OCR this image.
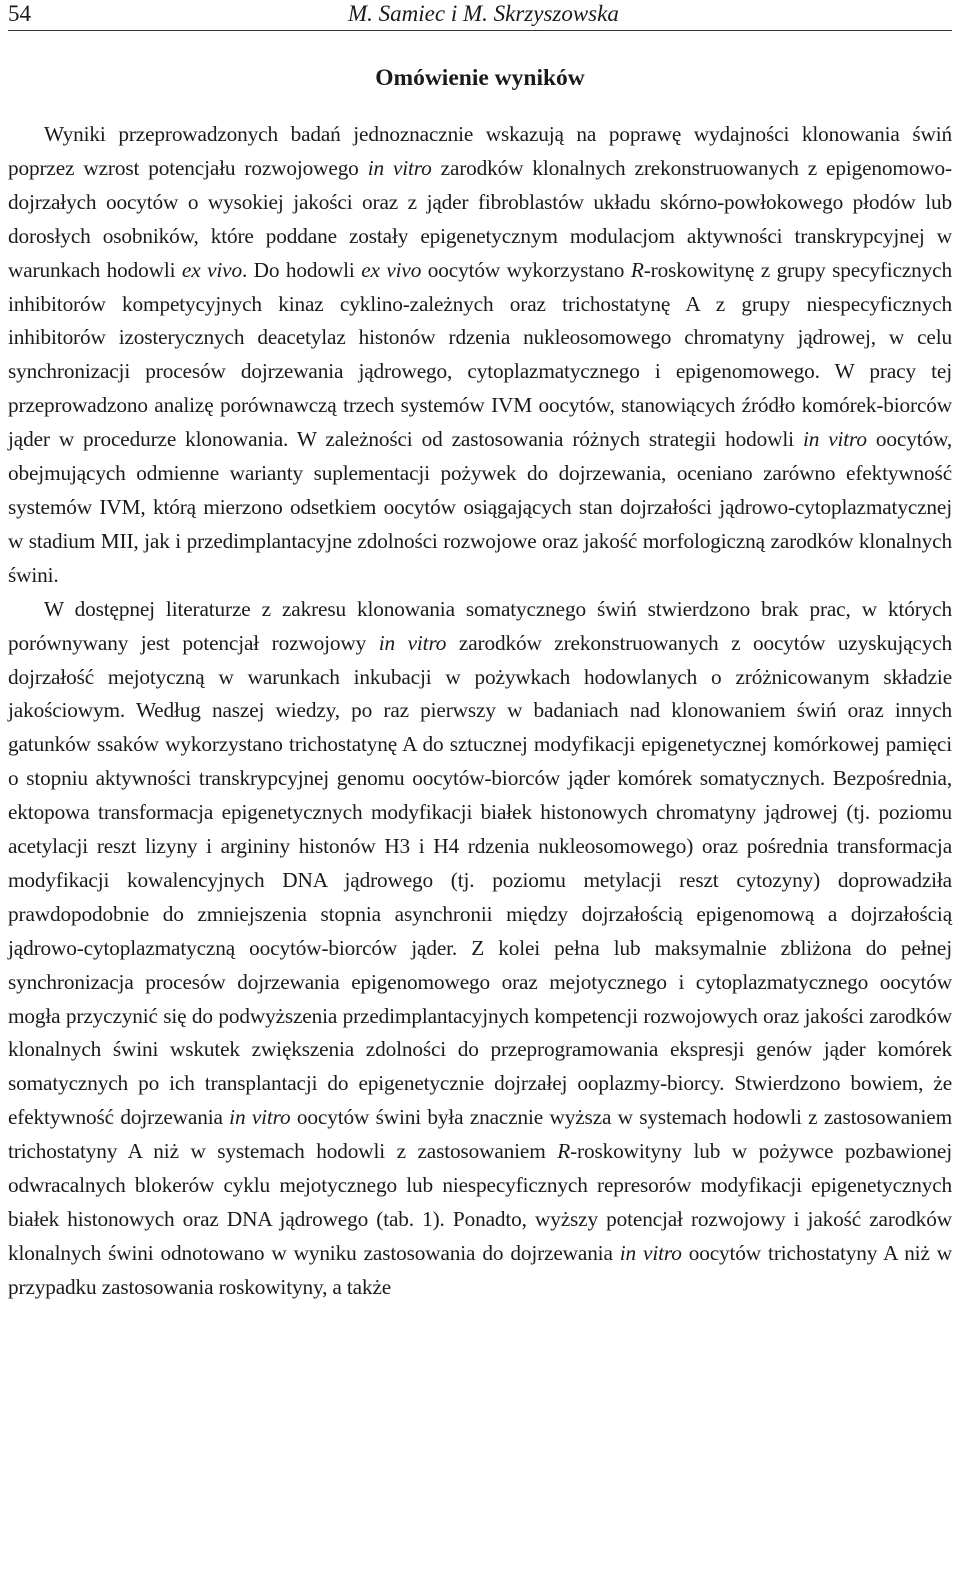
54	M. Samiec i M. Skrzyszowska
Omówienie wyników

Wyniki przeprowadzonych badań jednoznacznie wskazują na poprawę wydajności klonowania świń poprzez wzrost potencjału rozwojowego in vitro zarodków klonalnych zrekonstruowanych z epigenomowo-dojrzałych oocytów o wysokiej jakości oraz z jąder fibroblastów układu skórno-powłokowego płodów lub dorosłych osobników, które poddane zostały epigenetycznym modulacjom aktywności transkrypcyjnej w warunkach hodowli ex vivo. Do hodowli ex vivo oocytów wykorzystano R-roskowitynę z grupy specyficznych inhibitorów kompetycyjnych kinaz cyklino-zależnych oraz trichostatynę A z grupy niespecyficznych inhibitorów izosterycznych deacetylaz histonów rdzenia nukleosomowego chromatyny jądrowej, w celu synchronizacji procesów dojrzewania jądrowego, cytoplazmatycznego i epigenomowego. W pracy tej przeprowadzono analizę porównawczą trzech systemów IVM oocytów, stanowiących źródło komórek-biorców jąder w procedurze klonowania. W zależności od zastosowania różnych strategii hodowli in vitro oocytów, obejmujących odmienne warianty suplementacji pożywek do dojrzewania, oceniano zarówno efektywność systemów IVM, którą mierzono odsetkiem oocytów osiągających stan dojrzałości jądrowo-cytoplazmatycznej w stadium MII, jak i przedimplantacyjne zdolności rozwojowe oraz jakość morfologiczną zarodków klonalnych świni.

W dostępnej literaturze z zakresu klonowania somatycznego świń stwierdzono brak prac, w których porównywany jest potencjał rozwojowy in vitro zarodków zrekonstruowanych z oocytów uzyskujących dojrzałość mejotyczną w warunkach inkubacji w pożywkach hodowlanych o zróżnicowanym składzie jakościowym. Według naszej wiedzy, po raz pierwszy w badaniach nad klonowaniem świń oraz innych gatunków ssaków wykorzystano trichostatynę A do sztucznej modyfikacji epigenetycznej komórkowej pamięci o stopniu aktywności transkrypcyjnej genomu oocytów-biorców jąder komórek somatycznych. Bezpośrednia, ektopowa transformacja epigenetycznych modyfikacji białek histonowych chromatyny jądrowej (tj. poziomu acetylacji reszt lizyny i argininy histonów H3 i H4 rdzenia nukleosomowego) oraz pośrednia transformacja modyfikacji kowalencyjnych DNA jądrowego (tj. poziomu metylacji reszt cytozyny) doprowadziła prawdopodobnie do zmniejszenia stopnia asynchronii między dojrzałością epigenomową a dojrzałością jądrowo-cytoplazmatyczną oocytów-biorców jąder. Z kolei pełna lub maksymalnie zbliżona do pełnej synchronizacja procesów dojrzewania epigenomowego oraz mejotycznego i cytoplazmatycznego oocytów mogła przyczynić się do podwyższenia przedimplantacyjnych kompetencji rozwojowych oraz jakości zarodków klonalnych świni wskutek zwiększenia zdolności do przeprogramowania ekspresji genów jąder komórek somatycznych po ich transplantacji do epigenetycznie dojrzałej ooplazmy-biorcy. Stwierdzono bowiem, że efektywność dojrzewania in vitro oocytów świni była znacznie wyższa w systemach hodowli z zastosowaniem trichostatyny A niż w systemach hodowli z zastosowaniem R-roskowityny lub w pożywce pozbawionej odwracalnych blokerów cyklu mejotycznego lub niespecyficznych represorów modyfikacji epigenetycznych białek histonowych oraz DNA jądrowego (tab. 1). Ponadto, wyższy potencjał rozwojowy i jakość zarodków klonalnych świni odnotowano w wyniku zastosowania do dojrzewania in vitro oocytów trichostatyny A niż w przypadku zastosowania roskowityny, a także
